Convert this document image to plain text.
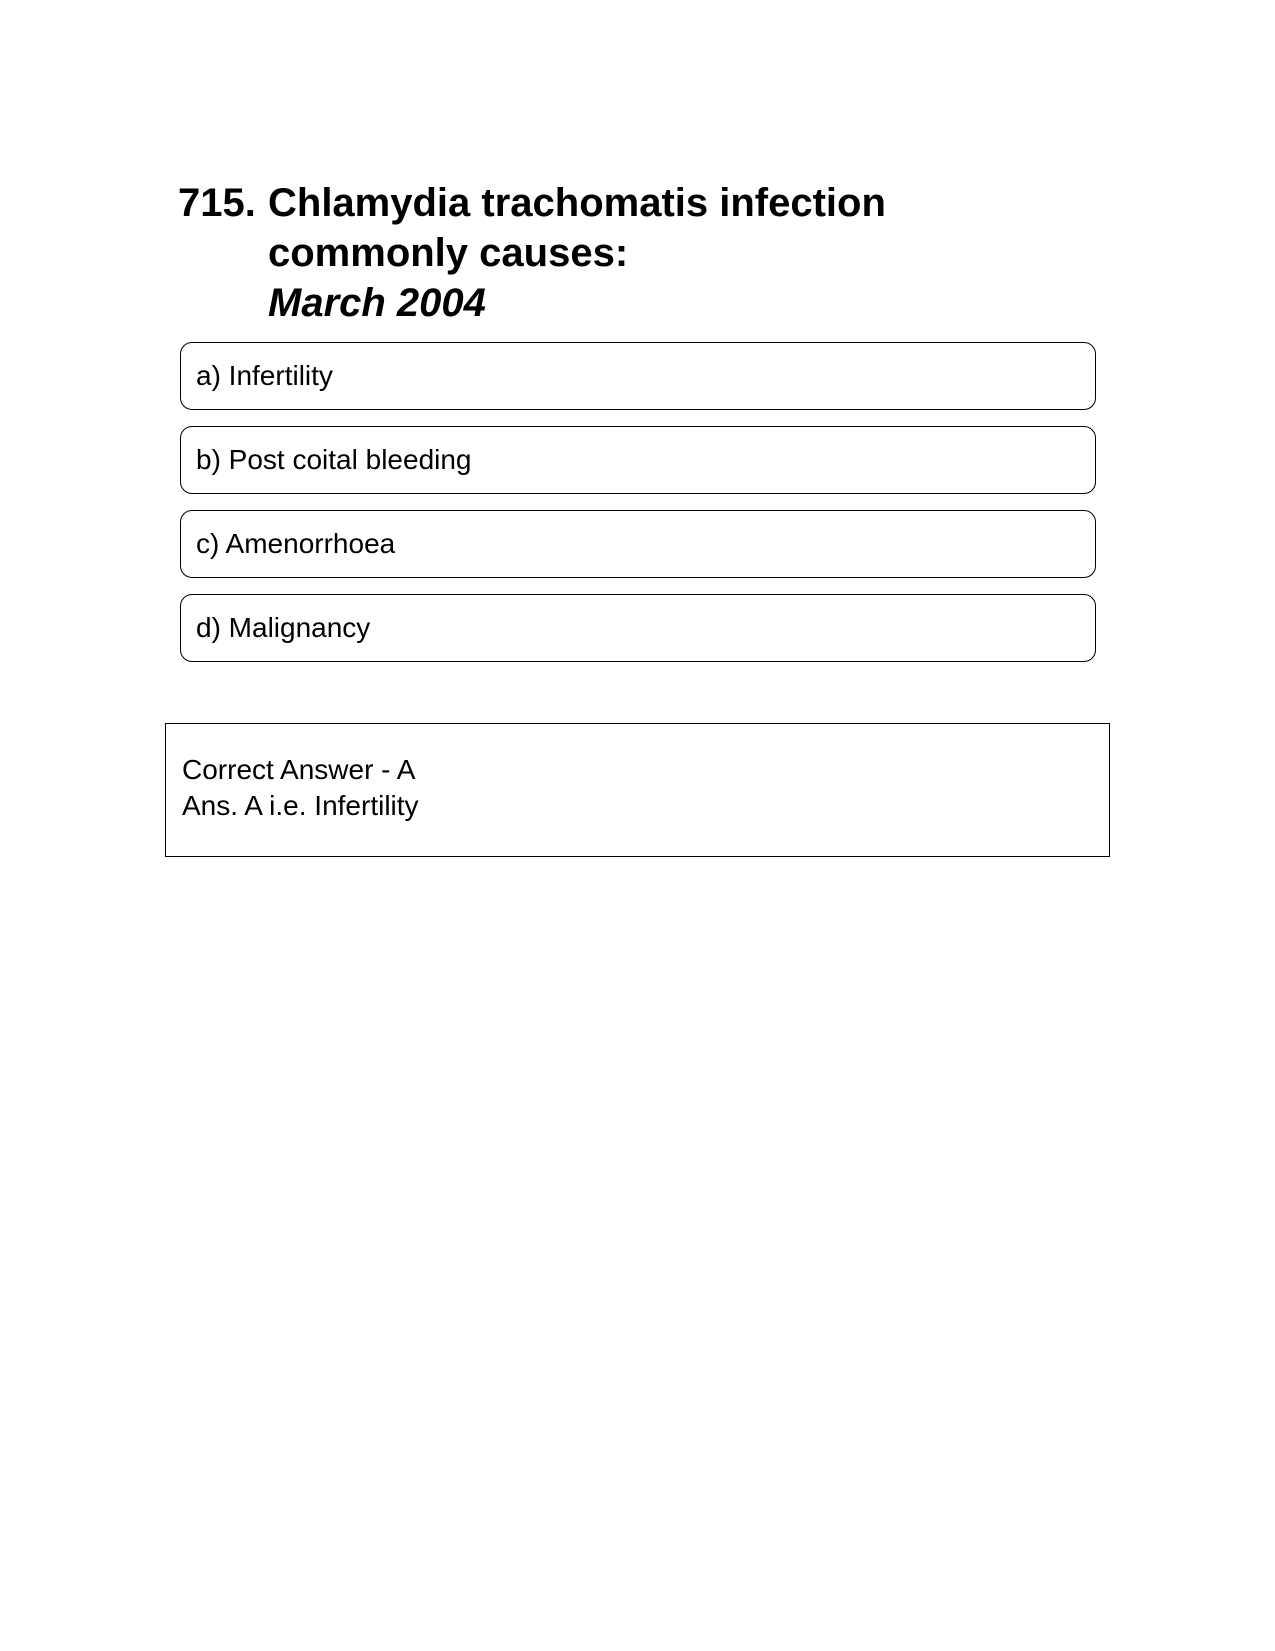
715. Chlamydia trachomatis infection commonly causes:
March 2004
a) Infertility
b) Post coital bleeding
c) Amenorrhoea
d) Malignancy
Correct Answer - A
Ans. A i.e. Infertility
